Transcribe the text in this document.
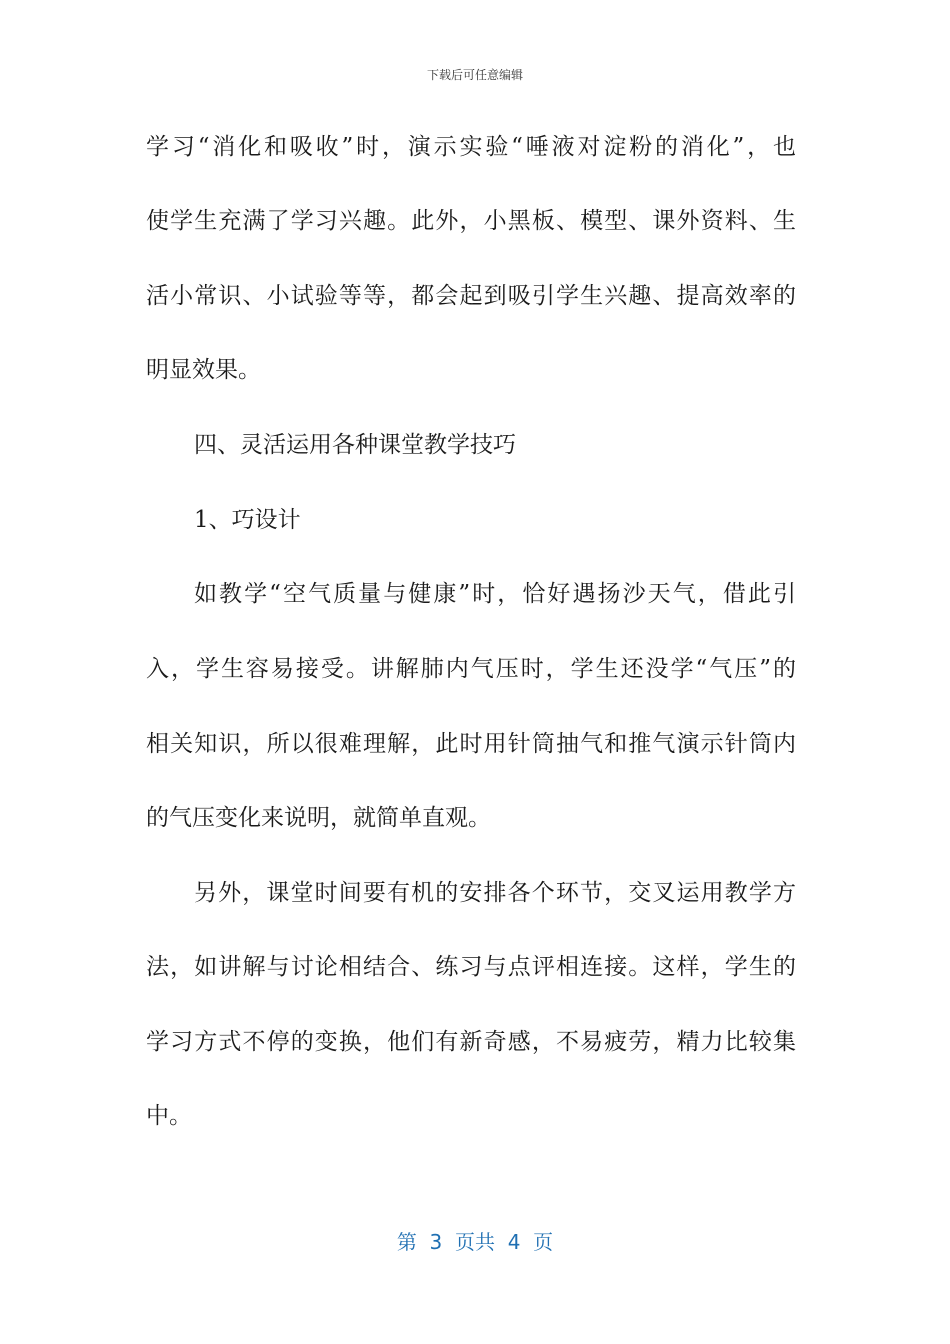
下载后可任意编辑
学习“消化和吸收”时，演示实验“唾液对淀粉的消化”，也
使学生充满了学习兴趣。此外，小黑板、模型、课外资料、生
活小常识、小试验等等，都会起到吸引学生兴趣、提高效率的
明显效果。
四、灵活运用各种课堂教学技巧
1、巧设计
如教学“空气质量与健康”时，恰好遇扬沙天气，借此引
入，学生容易接受。讲解肺内气压时，学生还没学“气压”的
相关知识，所以很难理解，此时用针筒抽气和推气演示针筒内
的气压变化来说明，就简单直观。
另外，课堂时间要有机的安排各个环节，交叉运用教学方
法，如讲解与讨论相结合、练习与点评相连接。这样，学生的
学习方式不停的变换，他们有新奇感，不易疲劳，精力比较集
中。
第  3  页共  4  页
